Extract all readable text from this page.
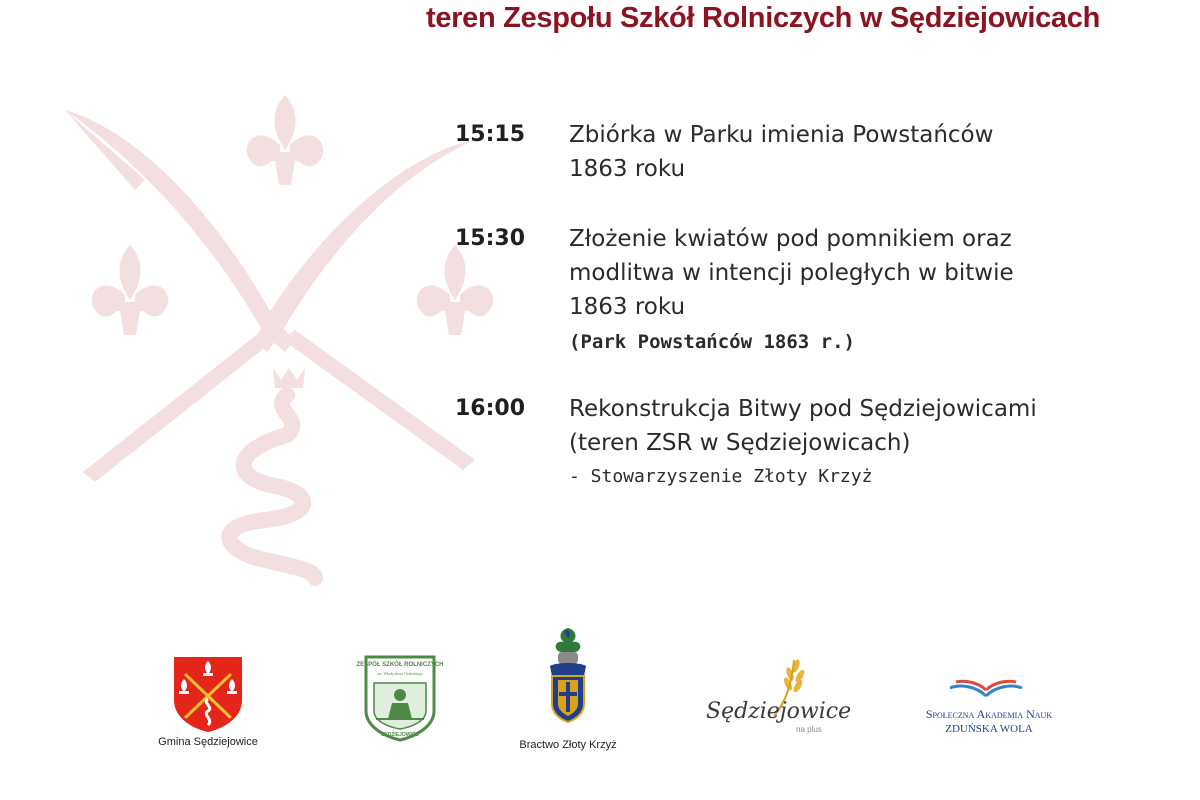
teren Zespołu Szkół Rolniczych w Sędziejowicach
15:15	Zbiórka w Parku imienia Powstańców
1863 roku
15:30	Złożenie kwiatów pod pomnikiem oraz
modlitwa w intencji poległych w bitwie
1863 roku
(Park Powstańców 1863 r.)
16:00	Rekonstrukcja Bitwy pod Sędziejowicami
(teren ZSR w Sędziejowicach)
- Stowarzyszenie Złoty Krzyż
Gmina Sędziejowice
ZESPÓŁ SZKÓŁ ROLNICZYCH
im. Władysława Grabskiego
SĘDZIEJOWICE
Bractwo Złoty Krzyż
Sędziejowice
na plus
Społeczna Akademia Nauk
ZDUŃSKA WOLA
